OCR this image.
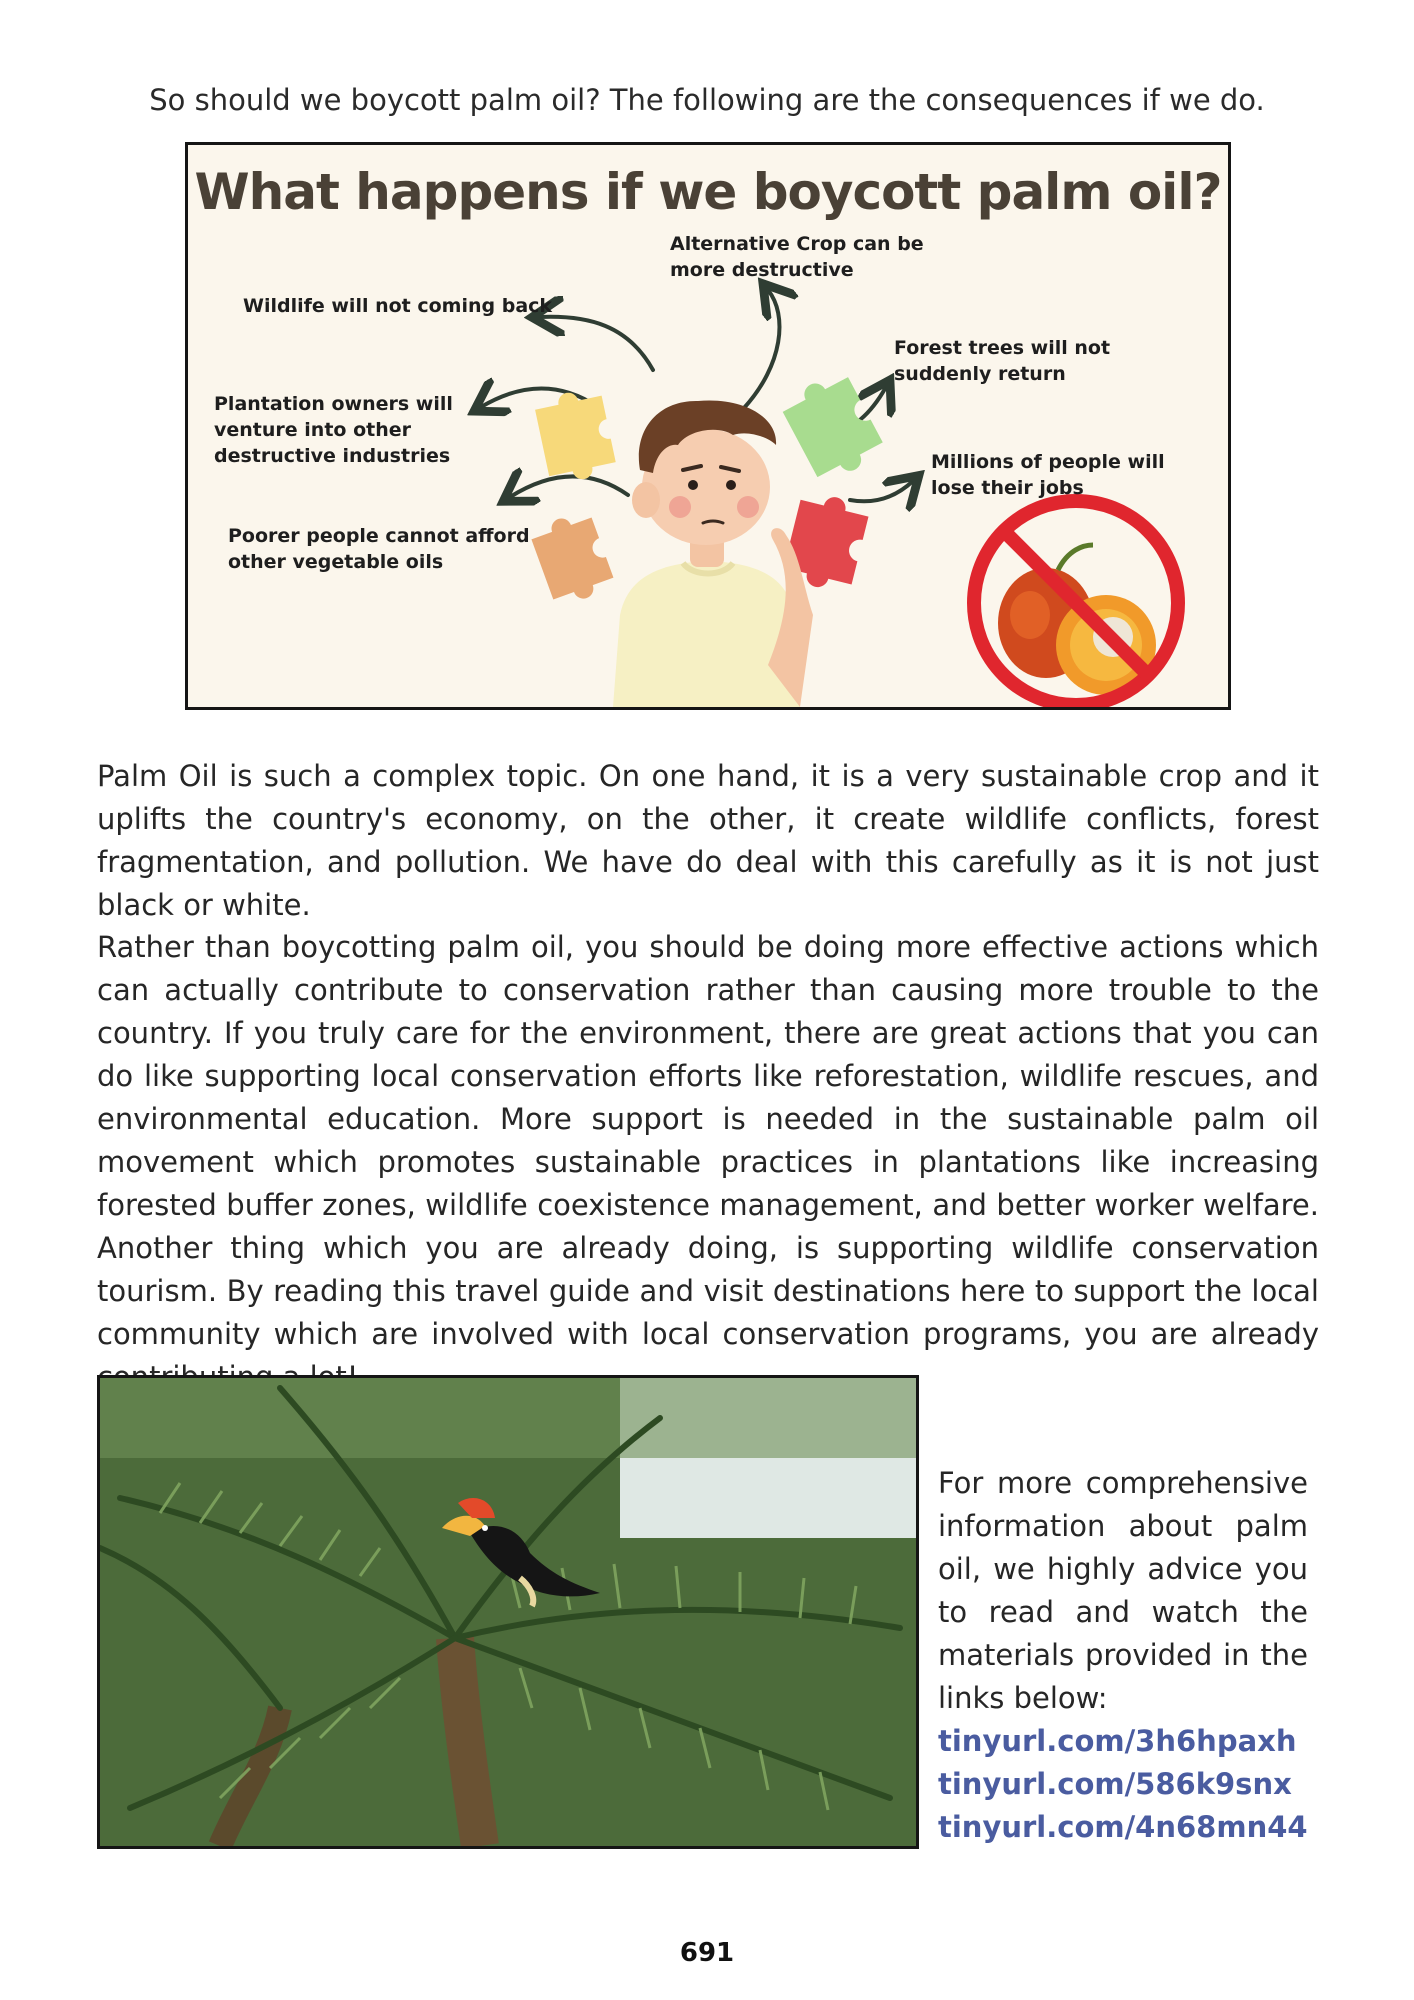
So should we boycott palm oil? The following are the consequences if we do.
What happens if we boycott palm oil?
Alternative Crop can be more destructive
Wildlife will not coming back
Forest trees will not suddenly return
Plantation owners will venture into other destructive industries	Millions of people will lose their jobs
Poorer people cannot afford other vegetable oils
Palm Oil is such a complex topic. On one hand, it is a very sustainable crop and it uplifts the country's economy, on the other, it create wildlife conflicts, forest fragmentation, and pollution. We have do deal with this carefully as it is not just black or white.
Rather than boycotting palm oil, you should be doing more effective actions which can actually contribute to conservation rather than causing more trouble to the country. If you truly care for the environment, there are great actions that you can do like supporting local conservation efforts like reforestation, wildlife rescues, and environmental education. More support is needed in the sustainable palm oil movement which promotes sustainable practices in plantations like increasing forested buffer zones, wildlife coexistence management, and better worker welfare. Another thing which you are already doing, is supporting wildlife conservation tourism. By reading this travel guide and visit destinations here to support the local community which are involved with local conservation programs, you are already
For more comprehensive information about palm oil, we highly advice you to read and watch the materials provided in the links below:
tinyurl.com/3h6hpaxh
tinyurl.com/586k9snx
tinyurl.com/4n68mn44
691
